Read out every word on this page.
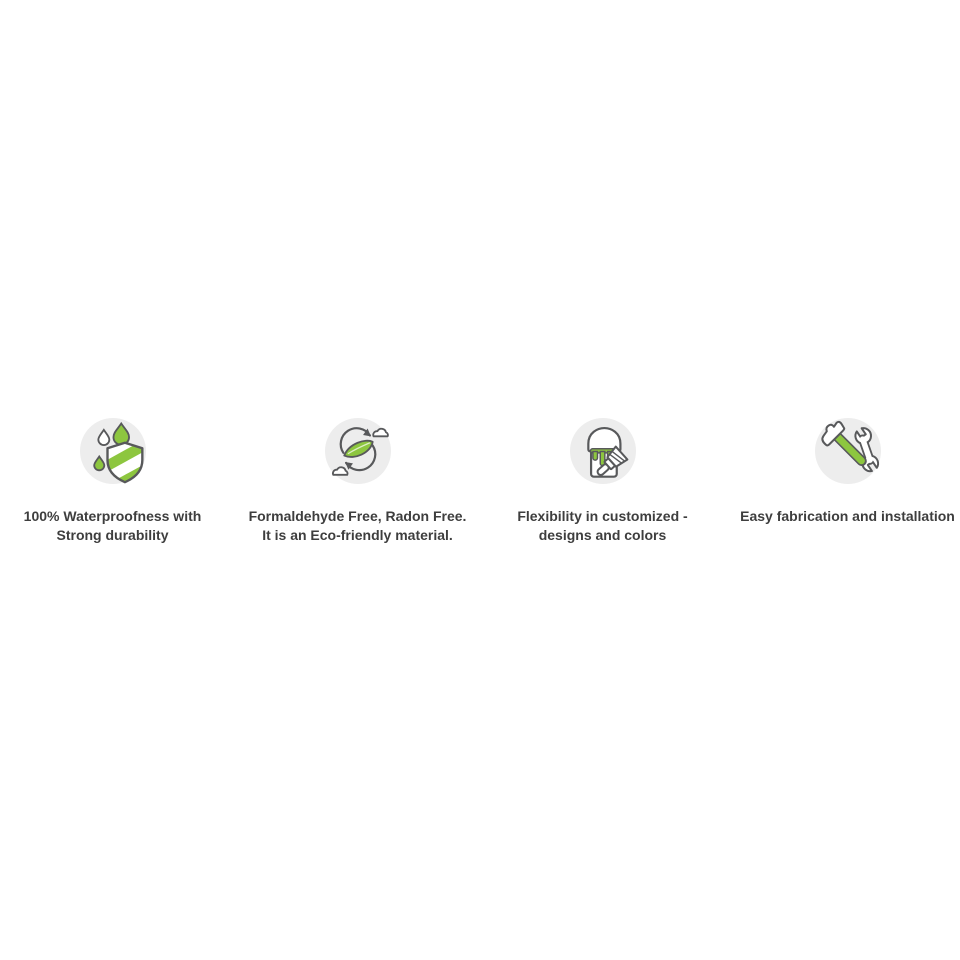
100% Waterproofness with
Strong durability
Formaldehyde Free, Radon Free.
It is an Eco-friendly material.
Flexibility in customized -
designs and colors
Easy fabrication and installation
